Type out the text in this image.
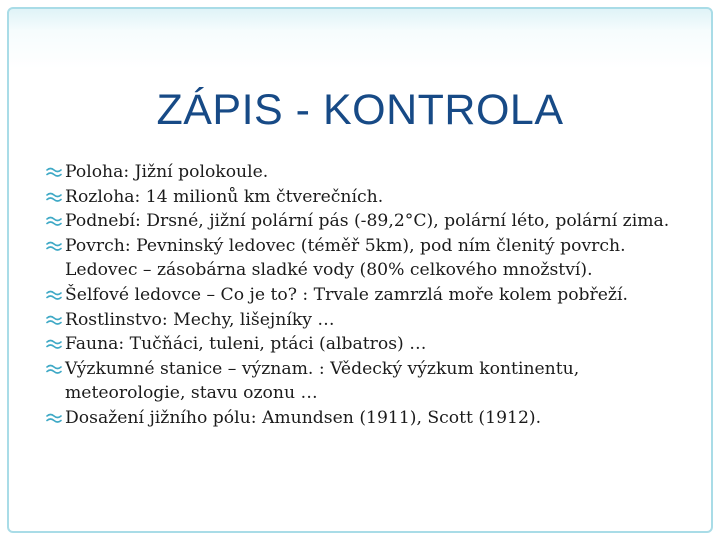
ZÁPIS - KONTROLA
Poloha: Jižní polokoule.
Rozloha: 14 milionů km čtverečních.
Podnebí: Drsné, jižní polární pás (-89,2°C), polární léto, polární zima.
Povrch: Pevninský ledovec (téměř 5km), pod ním členitý povrch. Ledovec – zásobárna sladké vody (80% celkového množství).
Šelfové ledovce – Co je to? : Trvale zamrzlá moře kolem pobřeží.
Rostlinstvo: Mechy, lišejníky …
Fauna: Tučňáci, tuleni, ptáci (albatros) …
Výzkumné stanice – význam. : Vědecký výzkum kontinentu, meteorologie, stavu ozonu …
Dosažení jižního pólu: Amundsen (1911), Scott (1912).
